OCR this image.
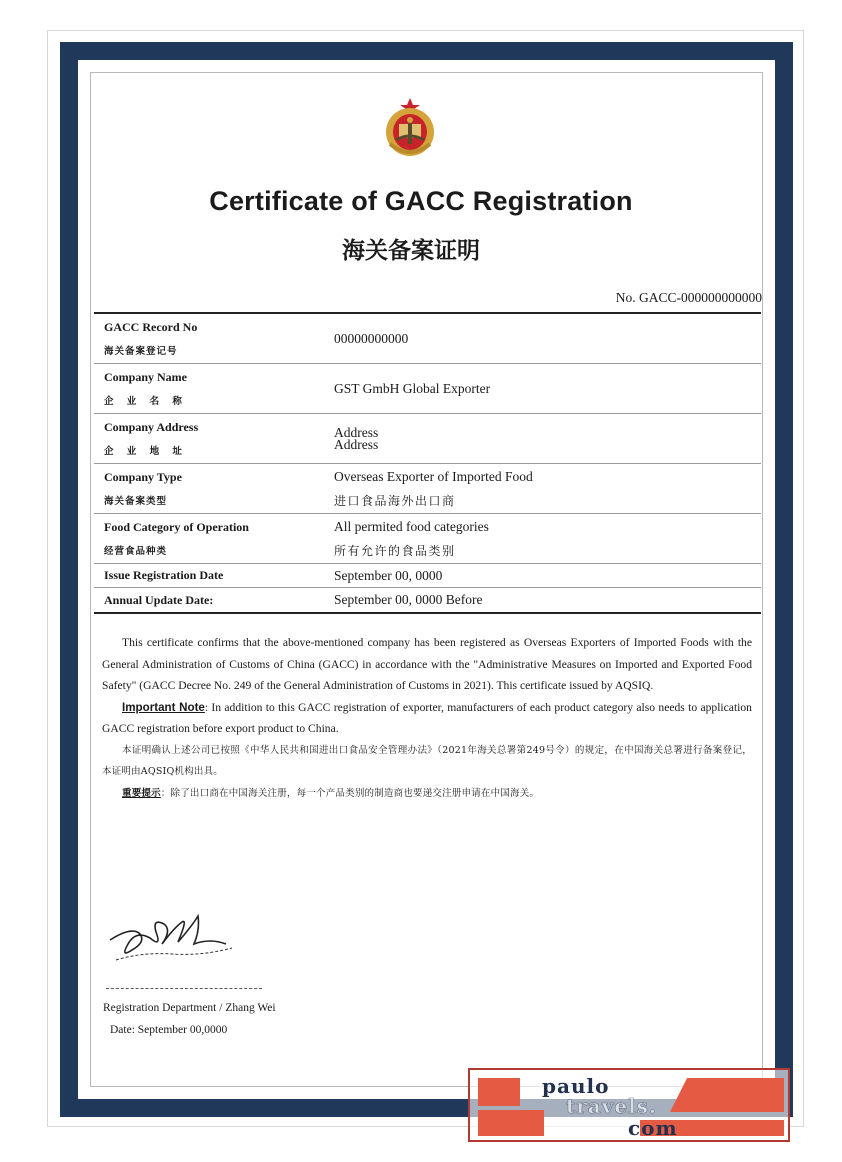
Certificate of GACC Registration
海关备案证明
No. GACC-000000000000
GACC Record No
海关备案登记号
00000000000
Company Name
企 业 名 称
GST GmbH Global Exporter
Company Address
企 业 地 址
Address
Address
Company Type
海关备案类型
Overseas Exporter of Imported Food
进口食品海外出口商
Food Category of Operation
经营食品种类
All permited food categories
所有允许的食品类别
Issue Registration Date	September 00, 0000
Annual Update Date:	September 00, 0000 Before

This certificate confirms that the above-mentioned company has been registered as Overseas Exporters of Imported Foods with the General Administration of Customs of China (GACC) in accordance with the "Administrative Measures on Imported and Exported Food Safety" (GACC Decree No. 249 of the General Administration of Customs in 2021). This certificate issued by AQSIQ.

Important Note: In addition to this GACC registration of exporter, manufacturers of each product category also needs to application GACC registration before export product to China.

本证明确认上述公司已按照《中华人民共和国进出口食品安全管理办法》（2021年海关总署第249号令）的规定，在中国海关总署进行备案登记，本证明由AQSIQ机构出具。

重要提示：除了出口商在中国海关注册，每一个产品类别的制造商也要递交注册申请在中国海关。

Registration Department / Zhang Wei
Date: September 00,0000
paulo
travels.
com
